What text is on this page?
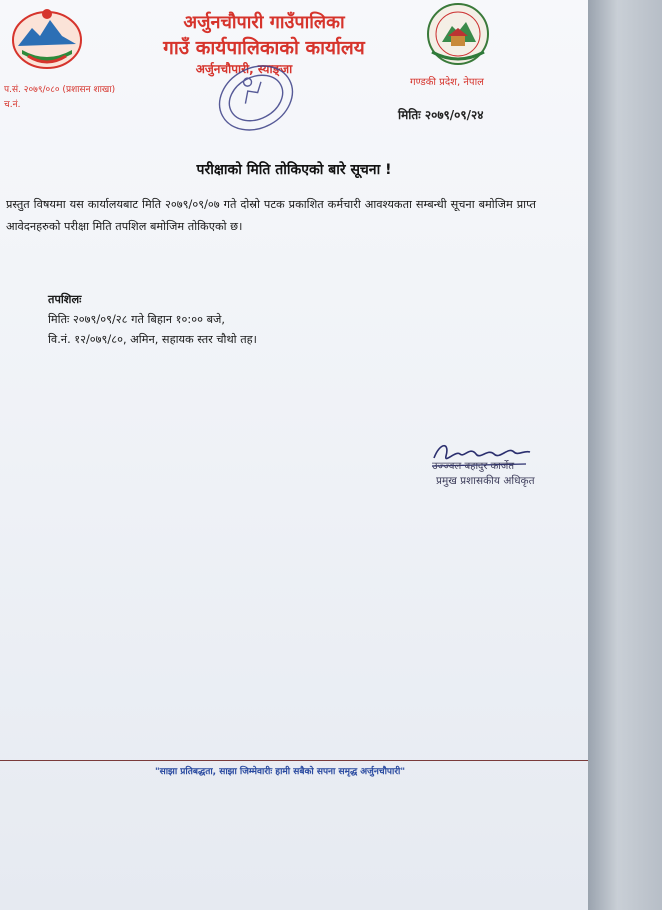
अर्जुनचौपारी गाउँपालिका
गाउँ कार्यपालिकाको कार्यालय
अर्जुनचौपारी, स्याङ्जा
प.सं. २०७९/०८० (प्रशासन शाखा)
च.नं.
गण्डकी प्रदेश, नेपाल
मितिः २०७९/०९/२४
परीक्षाको मिति तोकिएको बारे सूचना !
प्रस्तुत विषयमा यस कार्यालयबाट मिति २०७९/०९/०७ गते दोस्रो पटक प्रकाशित कर्मचारी आवश्यकता सम्बन्धी सूचना बमोजिम प्राप्त आवेदनहरुको परीक्षा मिति तपशिल बमोजिम तोकिएको छ।
तपशिलः
मितिः २०७९/०९/२८ गते बिहान १०:०० बजे,
वि.नं. १२/०७९/८०, अमिन, सहायक स्तर चौथो तह।
उज्ज्वल बहादुर कार्जेत
प्रमुख प्रशासकीय अधिकृत
"साझा प्रतिबद्धता, साझा जिम्मेवारीः हामी सबैको सपना समृद्ध अर्जुनचौपारी"
